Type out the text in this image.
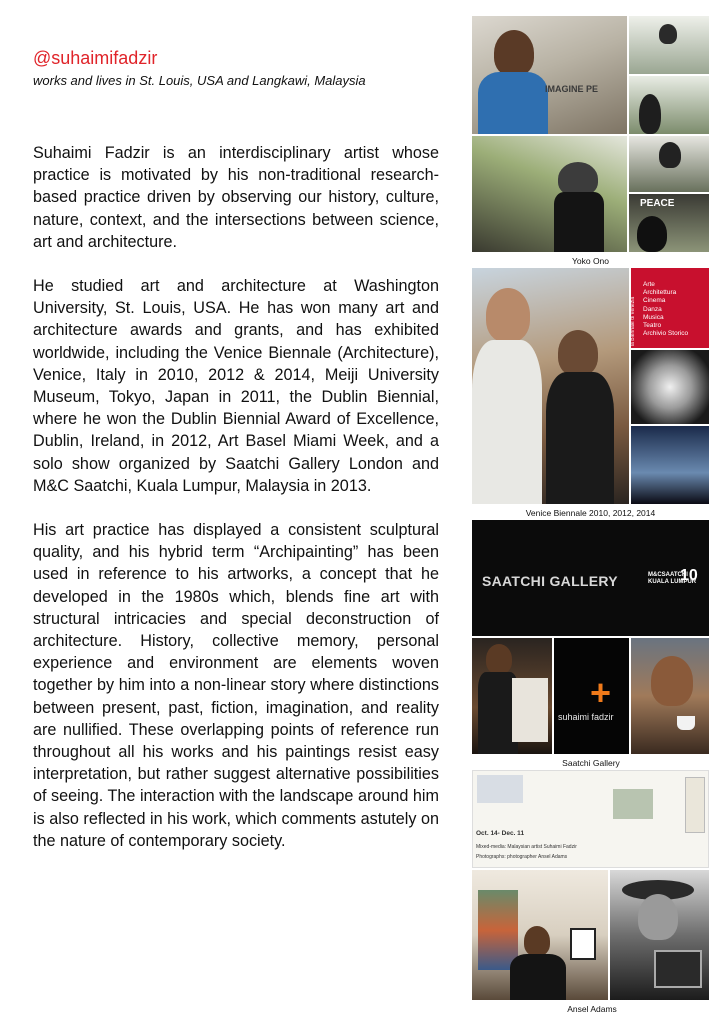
@suhaimifadzir
works and lives in St. Louis, USA and Langkawi, Malaysia

Suhaimi Fadzir is an interdisciplinary artist whose practice is motivated by his non-traditional research-based practice driven by observing our history, culture, nature, context, and the intersections between science, art and architecture.

He studied art and architecture at Washington University, St. Louis, USA. He has won many art and architecture awards and grants, and has exhibited worldwide, including the Venice Biennale (Architecture), Venice, Italy in 2010, 2012 & 2014, Meiji University Museum, Tokyo, Japan in 2011, the Dublin Biennial, where he won the Dublin Biennial Award of Excellence, Dublin, Ireland, in 2012, Art Basel Miami Week, and a solo show organized by Saatchi Gallery London and M&C Saatchi, Kuala Lumpur, Malaysia in 2013.

His art practice has displayed a consistent sculptural quality, and his hybrid term “Archipainting” has been used in reference to his artworks, a concept that he developed in the 1980s which, blends fine art with structural intricacies and special deconstruction of architecture. History, collective memory, personal experience and environment are elements woven together by him into a non-linear story where distinctions between present, past, fiction, imagination, and reality are nullified. These overlapping points of reference run throughout all his works and his paintings resist easy interpretation, but rather suggest alternative possibilities of seeing. The interaction with the landscape around him is also reflected in his work, which comments astutely on the nature of contemporary society.

IMAGINE PE
PEACE
Yoko Ono
la Biennale di Venezia
Arte
Architettura
Cinema
Danza
Musica
Teatro
Archivio Storico
Venice Biennale 2010, 2012, 2014
SAATCHI GALLERY	M&CSAATCHI
KUALA LUMPUR
10
+
suhaimi fadzir
Saatchi Gallery
Oct. 14- Dec. 11
Mixed-media: Malaysian artist Suhaimi Fadzir
Photographs: photographer Ansel Adams
Ansel Adams
